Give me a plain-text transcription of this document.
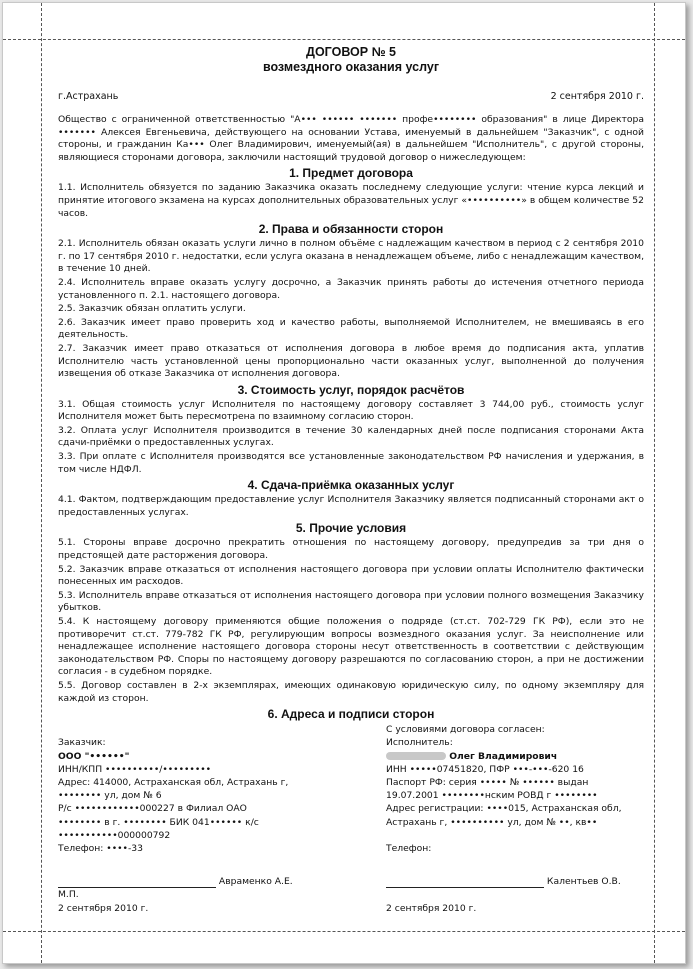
ДОГОВОР № 5
возмездного оказания услуг
г.Астрахань	2 сентября 2010 г.

Общество с ограниченной ответственностью "А••• •••••• ••••••• профе•••••••• образования" в лице Директора ••••••• Алексея Евгеньевича, действующего на основании Устава, именуемый в дальнейшем "Заказчик", с одной стороны, и гражданин Ка••• Олег Владимирович, именуемый(ая) в дальнейшем "Исполнитель", с другой стороны, являющиеся сторонами договора, заключили настоящий трудовой договор о нижеследующем:

1. Предмет договора

1.1. Исполнитель обязуется по заданию Заказчика оказать последнему следующие услуги: чтение курса лекций и принятие итогового экзамена на курсах дополнительных образовательных услуг «••••••••••» в общем количестве 52 часов.

2. Права и обязанности сторон

2.1. Исполнитель обязан оказать услуги лично в полном объёме с надлежащим качеством в период с 2 сентября 2010 г. по 17 сентября 2010 г. недостатки, если услуга оказана в ненадлежащем объеме, либо с ненадлежащим качеством, в течение 10 дней.

2.4. Исполнитель вправе оказать услугу досрочно, а Заказчик принять работы до истечения отчетного периода установленного п. 2.1. настоящего договора.

2.5. Заказчик обязан оплатить услуги.

2.6. Заказчик имеет право проверить ход и качество работы, выполняемой Исполнителем, не вмешиваясь в его деятельность.

2.7. Заказчик имеет право отказаться от исполнения договора в любое время до подписания акта, уплатив Исполнителю часть установленной цены пропорционально части оказанных услуг, выполненной до получения извещения об отказе Заказчика от исполнения договора.

3. Стоимость услуг, порядок расчётов

3.1. Общая стоимость услуг Исполнителя по настоящему договору составляет 3 744,00 руб., стоимость услуг Исполнителя может быть пересмотрена по взаимному согласию сторон.

3.2. Оплата услуг Исполнителя производится в течение 30 календарных дней после подписания сторонами Акта сдачи-приёмки о предоставленных услугах.

3.3. При оплате с Исполнителя производятся все установленные законодательством РФ начисления и удержания, в том числе НДФЛ.

4. Сдача-приёмка оказанных услуг

4.1. Фактом, подтверждающим предоставление услуг Исполнителя Заказчику является подписанный сторонами акт о предоставленных услугах.

5. Прочие условия

5.1. Стороны вправе досрочно прекратить отношения по настоящему договору, предупредив за три дня о предстоящей дате расторжения договора.

5.2. Заказчик вправе отказаться от исполнения настоящего договора при условии оплаты Исполнителю фактически понесенных им расходов.

5.3. Исполнитель вправе отказаться от исполнения настоящего договора при условии полного возмещения Заказчику убытков.

5.4. К настоящему договору применяются общие положения о подряде (ст.ст. 702-729 ГК РФ), если это не противоречит ст.ст. 779-782 ГК РФ, регулирующим вопросы возмездного оказания услуг. За неисполнение или ненадлежащее исполнение настоящего договора стороны несут ответственность в соответствии с действующим законодательством РФ. Споры по настоящему договору разрешаются по согласованию сторон, а при не достижении согласия - в судебном порядке.

5.5. Договор составлен в 2-х экземплярах, имеющих одинаковую юридическую силу, по одному экземпляру для каждой из сторон.

6. Адреса и подписи сторон

Заказчик:
ООО "••••••"
ИНН/КПП ••••••••••/•••••••••
Адрес: 414000, Астраханская обл, Астрахань г,
•••••••• ул, дом № 6
Р/с ••••••••••••000227 в Филиал ОАО
•••••••• в г. •••••••• БИК 041•••••• к/с
•••••••••••000000792
Телефон: ••••-33
С условиями договора согласен:
Исполнитель:
Олег Владимирович
ИНН •••••07451820, ПФР •••-•••-620 16
Паспорт РФ: серия ••••• № •••••• выдан
19.07.2001 ••••••••нским РОВД г ••••••••
Адрес регистрации: ••••015, Астраханская обл,
Астрахань г, •••••••••• ул, дом № ••, кв••

Телефон:
Авраменко А.Е.	Калентьев О.В.
М.П.
2 сентября 2010 г.	2 сентября 2010 г.
